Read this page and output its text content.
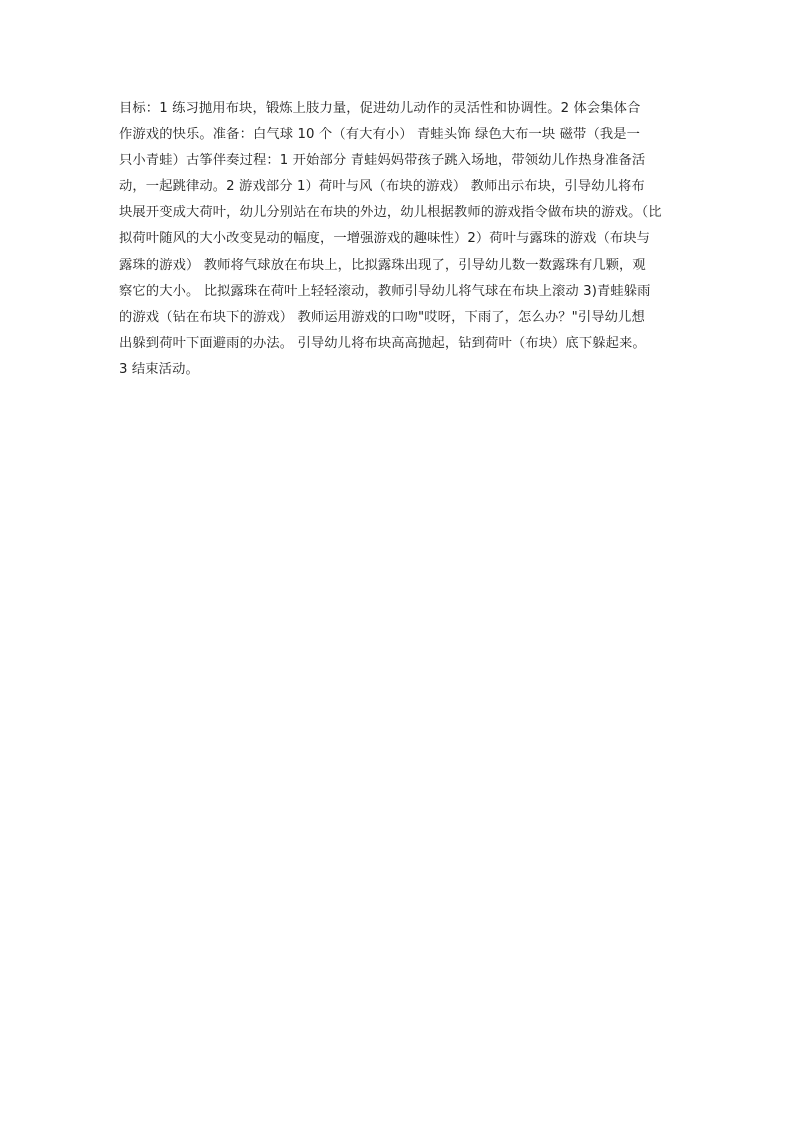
目标：1 练习抛用布块，锻炼上肢力量，促进幼儿动作的灵活性和协调性。2 体会集体合
作游戏的快乐。准备：白气球 10 个（有大有小） 青蛙头饰 绿色大布一块 磁带（我是一
只小青蛙）古筝伴奏过程：1 开始部分 青蛙妈妈带孩子跳入场地，带领幼儿作热身准备活
动，一起跳律动。2 游戏部分 1）荷叶与风（布块的游戏） 教师出示布块，引导幼儿将布
块展开变成大荷叶，幼儿分别站在布块的外边，幼儿根据教师的游戏指令做布块的游戏。（比
拟荷叶随风的大小改变晃动的幅度，一增强游戏的趣味性）2）荷叶与露珠的游戏（布块与
露珠的游戏） 教师将气球放在布块上，比拟露珠出现了，引导幼儿数一数露珠有几颗，观
察它的大小。 比拟露珠在荷叶上轻轻滚动，教师引导幼儿将气球在布块上滚动 3)青蛙躲雨
的游戏（钻在布块下的游戏） 教师运用游戏的口吻"哎呀，下雨了，怎么办？"引导幼儿想
出躲到荷叶下面避雨的办法。 引导幼儿将布块高高抛起，钻到荷叶（布块）底下躲起来。
3 结束活动。
